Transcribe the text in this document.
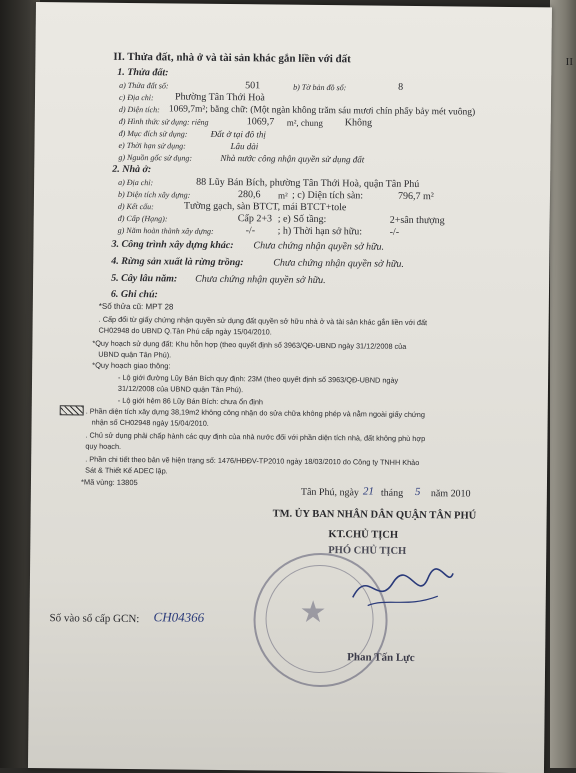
II
II. Thửa đất, nhà ở và tài sản khác gắn liền với đất
1. Thửa đất:
a) Thửa đất số:	501	b) Tờ bản đồ số:	8
c) Địa chỉ: Phường Tân Thới Hoà
d) Diện tích: 1069,7m²; bằng chữ: (Một ngàn không trăm sáu mươi chín phẩy bảy mét vuông)
đ) Hình thức sử dụng: riêng	1069,7 m², chung Không
đ) Mục đích sử dụng:	Đất ở tại đô thị
e) Thời hạn sử dụng:	Lâu dài
g) Nguồn gốc sử dụng:	Nhà nước công nhận quyền sử dụng đất
2. Nhà ở:
a) Địa chỉ:	88 Lũy Bán Bích, phường Tân Thới Hoà, quận Tân Phú
b) Diện tích xây dựng:	280,6 m² ; c) Diện tích sàn:	796,7 m²
d) Kết cấu:	Tường gạch, sàn BTCT, mái BTCT+tole
đ) Cấp (Hạng):	Cấp 2+3 ; e) Số tầng:	2+sân thượng
g) Năm hoàn thành xây dựng:	-/- ; h) Thời hạn sở hữu:	-/-
3. Công trình xây dựng khác: Chưa chứng nhận quyền sở hữu.
4. Rừng sản xuất là rừng trồng:	Chưa chứng nhận quyền sở hữu.
5. Cây lâu năm: Chưa chứng nhận quyền sở hữu.
6. Ghi chú:
*Số thửa cũ: MPT 28
. Cấp đổi từ giấy chứng nhận quyền sử dụng đất quyền sở hữu nhà ở và tài sản khác gắn liền với đất
CH02948 do UBND Q.Tân Phú cấp ngày 15/04/2010.
*Quy hoạch sử dụng đất: Khu hỗn hợp (theo quyết định số 3963/QĐ-UBND ngày 31/12/2008 của
UBND quận Tân Phú).
*Quy hoạch giao thông:
- Lộ giới đường Lũy Bán Bích quy định: 23M (theo quyết định số 3963/QĐ-UBND ngày
31/12/2008 của UBND quận Tân Phú).
- Lộ giới hẻm 86 Lũy Bán Bích: chưa ổn định
. Phần diện tích xây dựng 38,19m2 không công nhận do sửa chữa không phép và nằm ngoài giấy chứng
nhận số CH02948 ngày 15/04/2010.
. Chủ sử dụng phải chấp hành các quy định của nhà nước đối với phần diện tích nhà, đất không phù hợp
quy hoạch.
. Phần chi tiết theo bản vẽ hiện trạng số: 1476/HĐĐV-TP2010 ngày 18/03/2010 do Công ty TNHH Khảo
Sát & Thiết Kế ADEC lập.
*Mã vùng: 13805
Tân Phú, ngày 21 tháng 5 năm 2010
TM. ỦY BAN NHÂN DÂN QUẬN TÂN PHÚ
KT.CHỦ TỊCH
PHÓ CHỦ TỊCH
★
Phan Tấn Lực
Số vào sổ cấp GCN: CH04366
